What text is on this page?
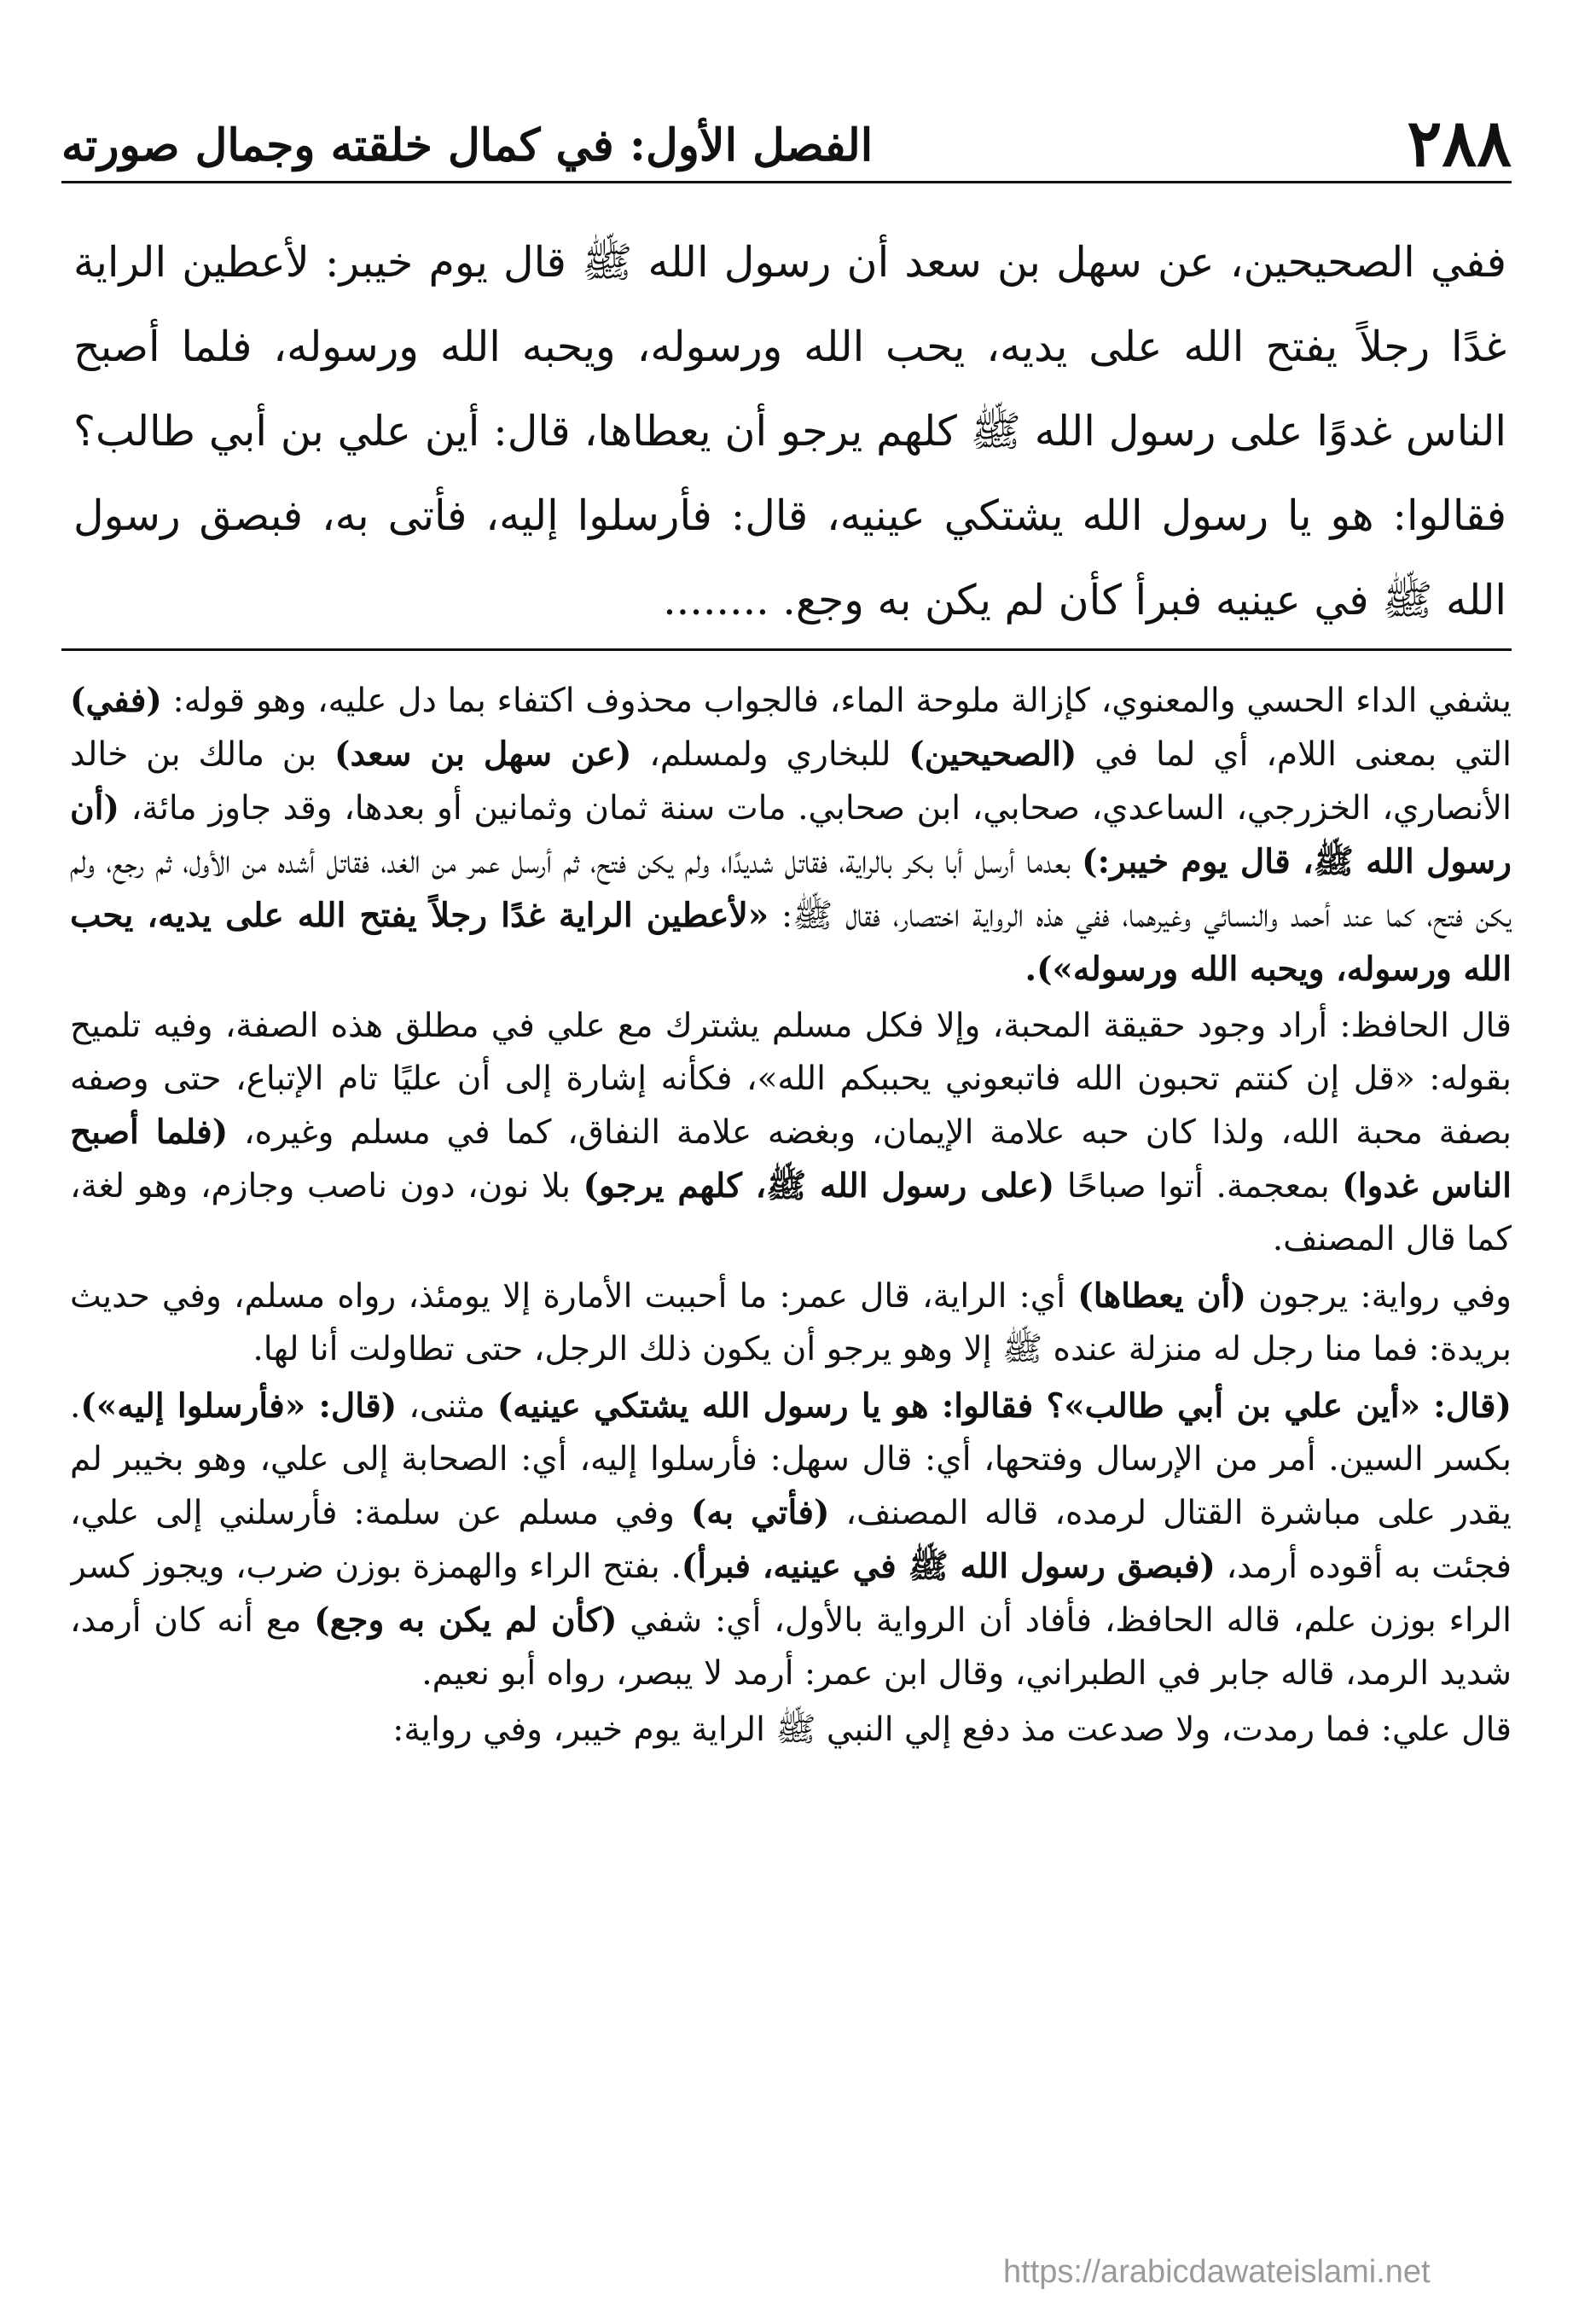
٢٨٨
الفصل الأول: في كمال خلقته وجمال صورته

ففي الصحيحين، عن سهل بن سعد أن رسول الله ﷺ قال يوم خيبر: لأعطين الراية غدًا رجلاً يفتح الله على يديه، يحب الله ورسوله، ويحبه الله ورسوله، فلما أصبح الناس غدوًا على رسول الله ﷺ كلهم يرجو أن يعطاها، قال: أين علي بن أبي طالب؟ فقالوا: هو يا رسول الله يشتكي عينيه، قال: فأرسلوا إليه، فأتى به، فبصق رسول الله ﷺ في عينيه فبرأ كأن لم يكن به وجع. ........

يشفي الداء الحسي والمعنوي، كإزالة ملوحة الماء، فالجواب محذوف اكتفاء بما دل عليه، وهو قوله: (ففي) التي بمعنى اللام، أي لما في (الصحيحين) للبخاري ولمسلم، (عن سهل بن سعد) بن مالك بن خالد الأنصاري، الخزرجي، الساعدي، صحابي، ابن صحابي. مات سنة ثمان وثمانين أو بعدها، وقد جاوز مائة، (أن رسول الله ﷺ، قال يوم خيبر:) بعدما أرسل أبا بكر بالراية، فقاتل شديدًا، ولم يكن فتح، ثم أرسل عمر من الغد، فقاتل أشده من الأول، ثم رجع، ولم يكن فتح، كما عند أحمد والنسائي وغيرهما، ففي هذه الرواية اختصار، فقال ﷺ: «لأعطين الراية غدًا رجلاً يفتح الله على يديه، يحب الله ورسوله، ويحبه الله ورسوله»).

قال الحافظ: أراد وجود حقيقة المحبة، وإلا فكل مسلم يشترك مع علي في مطلق هذه الصفة، وفيه تلميح بقوله: «قل إن كنتم تحبون الله فاتبعوني يحببكم الله»، فكأنه إشارة إلى أن عليًا تام الإتباع، حتى وصفه بصفة محبة الله، ولذا كان حبه علامة الإيمان، وبغضه علامة النفاق، كما في مسلم وغيره، (فلما أصبح الناس غدوا) بمعجمة. أتوا صباحًا (على رسول الله ﷺ، كلهم يرجو) بلا نون، دون ناصب وجازم، وهو لغة، كما قال المصنف.

وفي رواية: يرجون (أن يعطاها) أي: الراية، قال عمر: ما أحببت الأمارة إلا يومئذ، رواه مسلم، وفي حديث بريدة: فما منا رجل له منزلة عنده ﷺ إلا وهو يرجو أن يكون ذلك الرجل، حتى تطاولت أنا لها.

(قال: «أين علي بن أبي طالب»؟ فقالوا: هو يا رسول الله يشتكي عينيه) مثنى، (قال: «فأرسلوا إليه»). بكسر السين. أمر من الإرسال وفتحها، أي: قال سهل: فأرسلوا إليه، أي: الصحابة إلى علي، وهو بخيبر لم يقدر على مباشرة القتال لرمده، قاله المصنف، (فأتي به) وفي مسلم عن سلمة: فأرسلني إلى علي، فجئت به أقوده أرمد، (فبصق رسول الله ﷺ في عينيه، فبرأ). بفتح الراء والهمزة بوزن ضرب، ويجوز كسر الراء بوزن علم، قاله الحافظ، فأفاد أن الرواية بالأول، أي: شفي (كأن لم يكن به وجع) مع أنه كان أرمد، شديد الرمد، قاله جابر في الطبراني، وقال ابن عمر: أرمد لا يبصر، رواه أبو نعيم.

قال علي: فما رمدت، ولا صدعت مذ دفع إلي النبي ﷺ الراية يوم خيبر، وفي رواية:

https://arabicdawateislami.net
